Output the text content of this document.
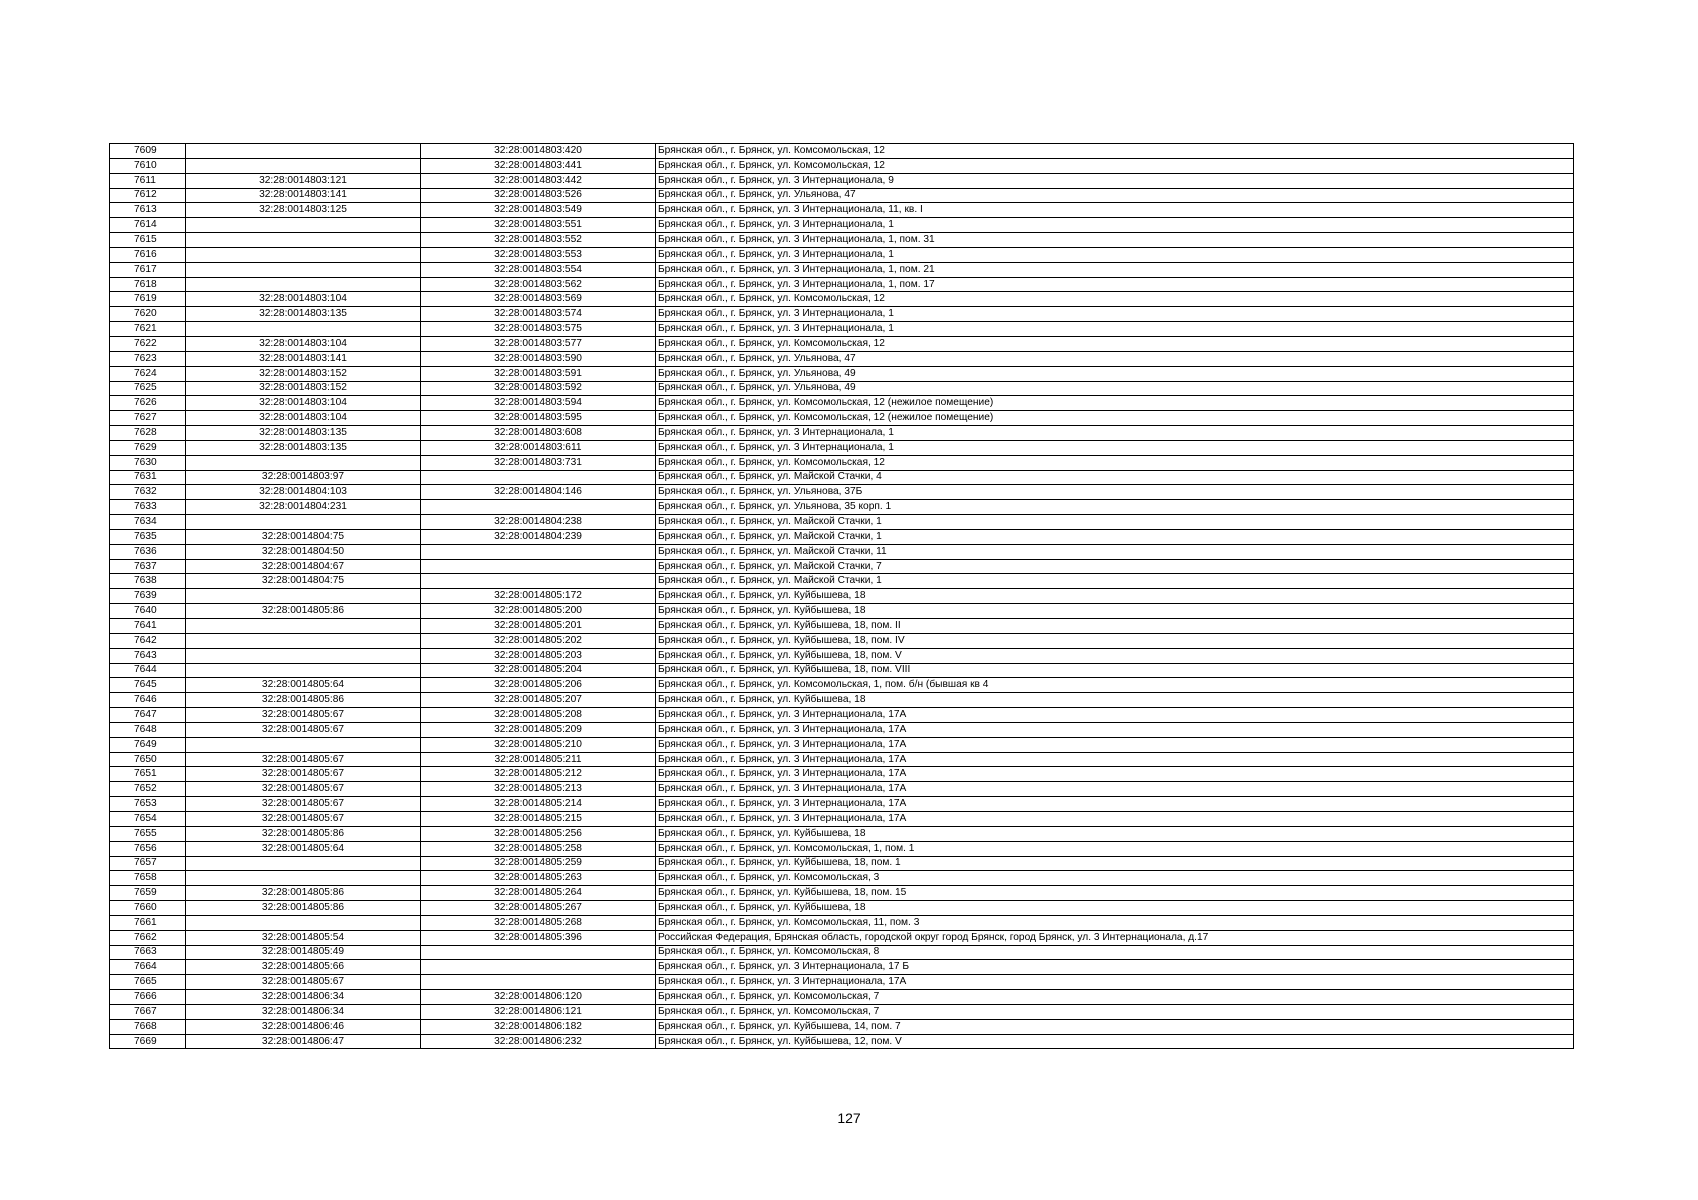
7609		32:28:0014803:420	Брянская обл., г. Брянск, ул. Комсомольская, 12
7610		32:28:0014803:441	Брянская обл., г. Брянск, ул. Комсомольская, 12
7611	32:28:0014803:121	32:28:0014803:442	Брянская обл., г. Брянск, ул. 3 Интернационала, 9
7612	32:28:0014803:141	32:28:0014803:526	Брянская обл., г. Брянск, ул. Ульянова, 47
7613	32:28:0014803:125	32:28:0014803:549	Брянская обл., г. Брянск, ул. 3 Интернационала, 11, кв. I
7614		32:28:0014803:551	Брянская обл., г. Брянск, ул. 3 Интернационала, 1
7615		32:28:0014803:552	Брянская обл., г. Брянск, ул. 3 Интернационала, 1, пом. 31
7616		32:28:0014803:553	Брянская обл., г. Брянск, ул. 3 Интернационала, 1
7617		32:28:0014803:554	Брянская обл., г. Брянск, ул. 3 Интернационала, 1, пом. 21
7618		32:28:0014803:562	Брянская обл., г. Брянск, ул. 3 Интернационала, 1, пом. 17
7619	32:28:0014803:104	32:28:0014803:569	Брянская обл., г. Брянск, ул. Комсомольская, 12
7620	32:28:0014803:135	32:28:0014803:574	Брянская обл., г. Брянск, ул. 3 Интернационала, 1
7621		32:28:0014803:575	Брянская обл., г. Брянск, ул. 3 Интернационала, 1
7622	32:28:0014803:104	32:28:0014803:577	Брянская обл., г. Брянск, ул. Комсомольская, 12
7623	32:28:0014803:141	32:28:0014803:590	Брянская обл., г. Брянск, ул. Ульянова, 47
7624	32:28:0014803:152	32:28:0014803:591	Брянская обл., г. Брянск, ул. Ульянова, 49
7625	32:28:0014803:152	32:28:0014803:592	Брянская обл., г. Брянск, ул. Ульянова, 49
7626	32:28:0014803:104	32:28:0014803:594	Брянская обл., г. Брянск, ул. Комсомольская, 12 (нежилое помещение)
7627	32:28:0014803:104	32:28:0014803:595	Брянская обл., г. Брянск, ул. Комсомольская, 12 (нежилое помещение)
7628	32:28:0014803:135	32:28:0014803:608	Брянская обл., г. Брянск, ул. 3 Интернационала, 1
7629	32:28:0014803:135	32:28:0014803:611	Брянская обл., г. Брянск, ул. 3 Интернационала, 1
7630		32:28:0014803:731	Брянская обл., г. Брянск, ул. Комсомольская, 12
7631	32:28:0014803:97		Брянская обл., г. Брянск, ул. Майской Стачки, 4
7632	32:28:0014804:103	32:28:0014804:146	Брянская обл., г. Брянск, ул. Ульянова, 37Б
7633	32:28:0014804:231		Брянская обл., г. Брянск, ул. Ульянова, 35 корп. 1
7634		32:28:0014804:238	Брянская обл., г. Брянск, ул. Майской Стачки, 1
7635	32:28:0014804:75	32:28:0014804:239	Брянская обл., г. Брянск, ул. Майской Стачки, 1
7636	32:28:0014804:50		Брянская обл., г. Брянск, ул. Майской Стачки, 11
7637	32:28:0014804:67		Брянская обл., г. Брянск, ул. Майской Стачки, 7
7638	32:28:0014804:75		Брянская обл., г. Брянск, ул. Майской Стачки, 1
7639		32:28:0014805:172	Брянская обл., г. Брянск, ул. Куйбышева, 18
7640	32:28:0014805:86	32:28:0014805:200	Брянская обл., г. Брянск, ул. Куйбышева, 18
7641		32:28:0014805:201	Брянская обл., г. Брянск, ул. Куйбышева, 18, пом. II
7642		32:28:0014805:202	Брянская обл., г. Брянск, ул. Куйбышева, 18, пом. IV
7643		32:28:0014805:203	Брянская обл., г. Брянск, ул. Куйбышева, 18, пом. V
7644		32:28:0014805:204	Брянская обл., г. Брянск, ул. Куйбышева, 18, пом. VIII
7645	32:28:0014805:64	32:28:0014805:206	Брянская обл., г. Брянск, ул. Комсомольская, 1, пом. б/н (бывшая кв 4
7646	32:28:0014805:86	32:28:0014805:207	Брянская обл., г. Брянск, ул. Куйбышева, 18
7647	32:28:0014805:67	32:28:0014805:208	Брянская обл., г. Брянск, ул. 3 Интернационала, 17А
7648	32:28:0014805:67	32:28:0014805:209	Брянская обл., г. Брянск, ул. 3 Интернационала, 17А
7649		32:28:0014805:210	Брянская обл., г. Брянск, ул. 3 Интернационала, 17А
7650	32:28:0014805:67	32:28:0014805:211	Брянская обл., г. Брянск, ул. 3 Интернационала, 17А
7651	32:28:0014805:67	32:28:0014805:212	Брянская обл., г. Брянск, ул. 3 Интернационала, 17А
7652	32:28:0014805:67	32:28:0014805:213	Брянская обл., г. Брянск, ул. 3 Интернационала, 17А
7653	32:28:0014805:67	32:28:0014805:214	Брянская обл., г. Брянск, ул. 3 Интернационала, 17А
7654	32:28:0014805:67	32:28:0014805:215	Брянская обл., г. Брянск, ул. 3 Интернационала, 17А
7655	32:28:0014805:86	32:28:0014805:256	Брянская обл., г. Брянск, ул. Куйбышева, 18
7656	32:28:0014805:64	32:28:0014805:258	Брянская обл., г. Брянск, ул. Комсомольская, 1, пом. 1
7657		32:28:0014805:259	Брянская обл., г. Брянск, ул. Куйбышева, 18, пом. 1
7658		32:28:0014805:263	Брянская обл., г. Брянск, ул. Комсомольская, 3
7659	32:28:0014805:86	32:28:0014805:264	Брянская обл., г. Брянск, ул. Куйбышева, 18, пом. 15
7660	32:28:0014805:86	32:28:0014805:267	Брянская обл., г. Брянск, ул. Куйбышева, 18
7661		32:28:0014805:268	Брянская обл., г. Брянск, ул. Комсомольская, 11, пом. 3
7662	32:28:0014805:54	32:28:0014805:396	Российская Федерация, Брянская область, городской округ город Брянск, город Брянск, ул. 3 Интернационала, д.17
7663	32:28:0014805:49		Брянская обл., г. Брянск, ул. Комсомольская, 8
7664	32:28:0014805:66		Брянская обл., г. Брянск, ул. 3 Интернационала, 17 Б
7665	32:28:0014805:67		Брянская обл., г. Брянск, ул. 3 Интернационала, 17А
7666	32:28:0014806:34	32:28:0014806:120	Брянская обл., г. Брянск, ул. Комсомольская, 7
7667	32:28:0014806:34	32:28:0014806:121	Брянская обл., г. Брянск, ул. Комсомольская, 7
7668	32:28:0014806:46	32:28:0014806:182	Брянская обл., г. Брянск, ул. Куйбышева, 14, пом. 7
7669	32:28:0014806:47	32:28:0014806:232	Брянская обл., г. Брянск, ул. Куйбышева, 12, пом. V
127
